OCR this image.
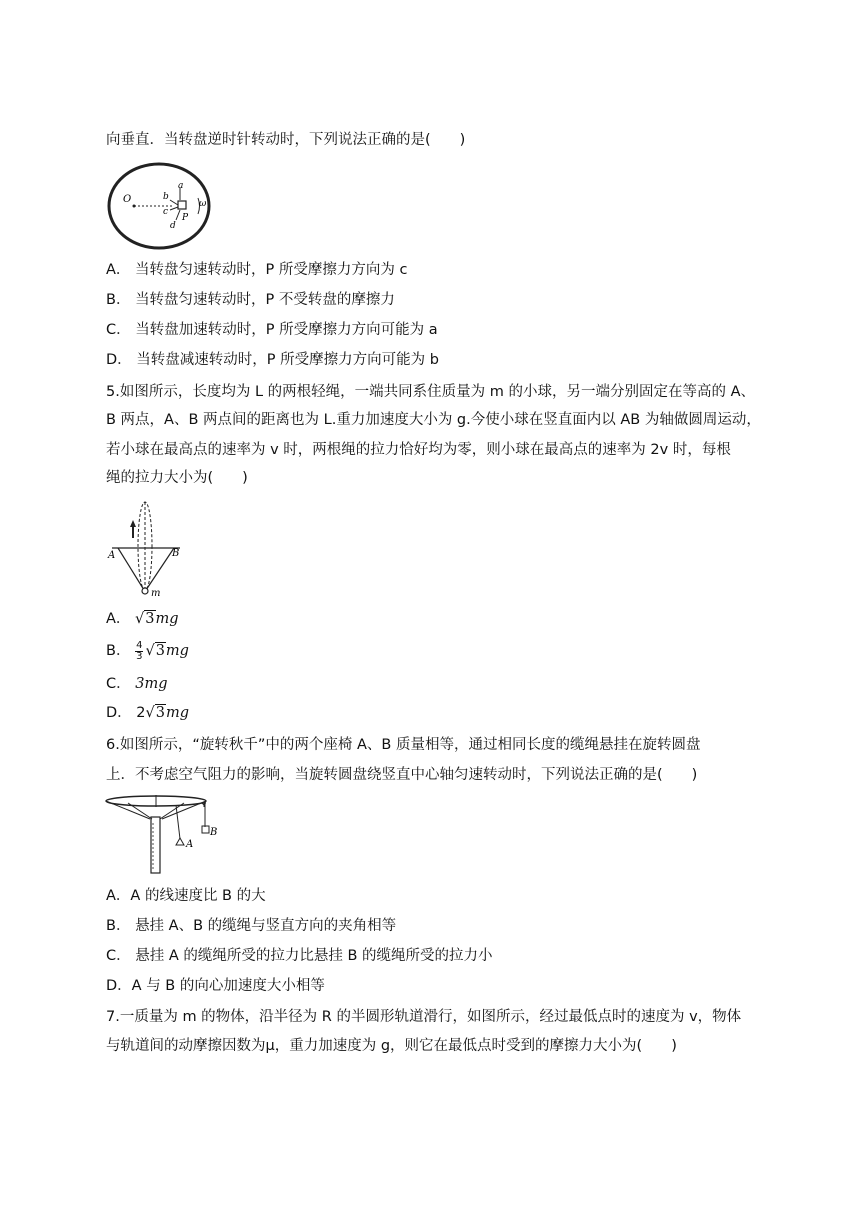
向垂直．当转盘逆时针转动时，下列说法正确的是(　　)

O
a
b
c
d
P
ω

A． 当转盘匀速转动时，P 所受摩擦力方向为 c

B． 当转盘匀速转动时，P 不受转盘的摩擦力

C． 当转盘加速转动时，P 所受摩擦力方向可能为 a

D． 当转盘减速转动时，P 所受摩擦力方向可能为 b

5.如图所示，长度均为 L 的两根轻绳，一端共同系住质量为 m 的小球，另一端分别固定在等高的 A、

B 两点，A、B 两点间的距离也为 L.重力加速度大小为 g.今使小球在竖直面内以 AB 为轴做圆周运动，

若小球在最高点的速率为 v 时，两根绳的拉力恰好均为零，则小球在最高点的速率为 2v 时，每根

绳的拉力大小为(　　)

A	B
m

A． √3mg

B． $\frac{4}{3} √3mg$

C． 3mg

D． 2√3mg

6.如图所示，“旋转秋千”中的两个座椅 A、B 质量相等，通过相同长度的缆绳悬挂在旋转圆盘

上．不考虑空气阻力的影响，当旋转圆盘绕竖直中心轴匀速转动时，下列说法正确的是(　　)

A
B

A．A 的线速度比 B 的大

B． 悬挂 A、B 的缆绳与竖直方向的夹角相等

C． 悬挂 A 的缆绳所受的拉力比悬挂 B 的缆绳所受的拉力小

D．A 与 B 的向心加速度大小相等

7.一质量为 m 的物体，沿半径为 R 的半圆形轨道滑行，如图所示，经过最低点时的速度为 v，物体

与轨道间的动摩擦因数为μ，重力加速度为 g，则它在最低点时受到的摩擦力大小为(　　)
